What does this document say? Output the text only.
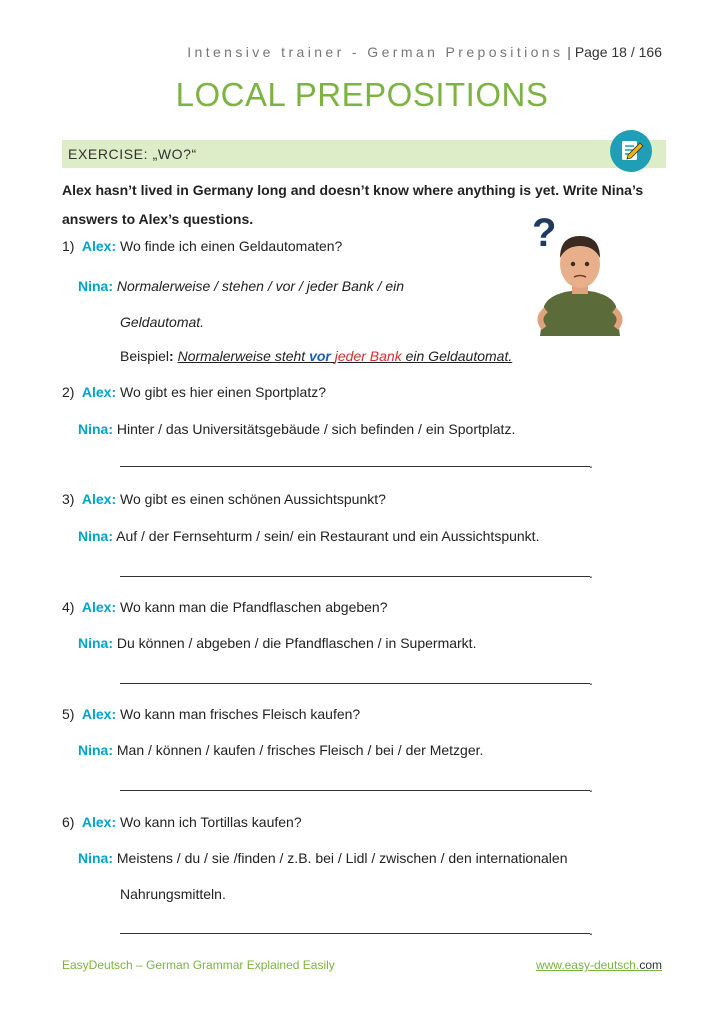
Intensive trainer - German Prepositions | Page 18 / 166
LOCAL PREPOSITIONS
EXERCISE: „WO?“
Alex hasn’t lived in Germany long and doesn’t know where anything is yet. Write Nina’s answers to Alex’s questions.	?
1) Alex: Wo finde ich einen Geldautomaten?
Nina: Normalerweise / stehen / vor / jeder Bank / ein
Geldautomat.
Beispiel: Normalerweise steht vor jeder Bank ein Geldautomat.
2) Alex: Wo gibt es hier einen Sportplatz?
Nina: Hinter / das Universitätsgebäude / sich befinden / ein Sportplatz.
.
3) Alex: Wo gibt es einen schönen Aussichtspunkt?
Nina: Auf / der Fernsehturm / sein/ ein Restaurant und ein Aussichtspunkt.
.
4) Alex: Wo kann man die Pfandflaschen abgeben?
Nina: Du können / abgeben / die Pfandflaschen / in Supermarkt.
.
5) Alex: Wo kann man frisches Fleisch kaufen?
Nina: Man / können / kaufen / frisches Fleisch / bei / der Metzger.
.
6) Alex: Wo kann ich Tortillas kaufen?
Nina: Meistens / du / sie /finden / z.B. bei / Lidl / zwischen / den internationalen
Nahrungsmitteln.
.
EasyDeutsch – German Grammar Explained Easily	www.easy-deutsch.com
